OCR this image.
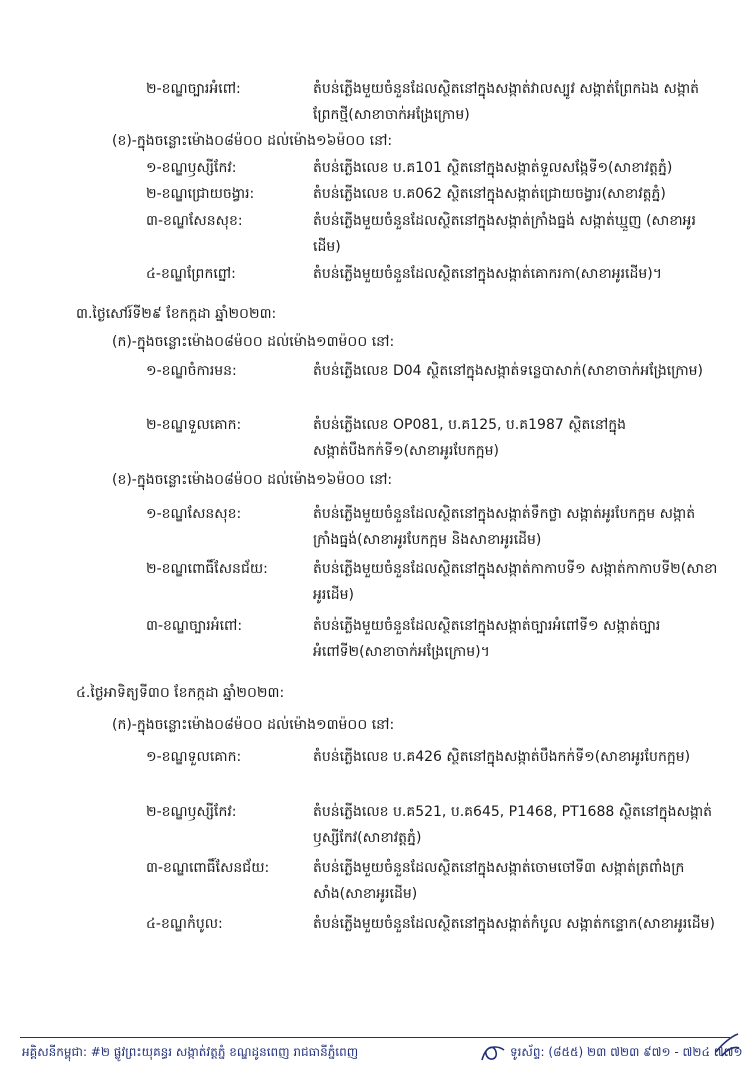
២-ខណ្ឌច្បារអំពៅ:	តំបន់ភ្លើងមួយចំនួនដែលស្ថិតនៅក្នុងសង្កាត់វាលស្បូវ សង្កាត់ព្រែកឯង សង្កាត់ព្រែកថ្មី(សាខាចាក់អង្រែក្រោម)
(ខ)-ក្នុងចន្លោះម៉ោង០៨ម៉០០ ដល់ម៉ោង១៦ម៉០០ នៅ:
១-ខណ្ឌឫស្សីកែវ:	តំបន់ភ្លើងលេខ ប.គ101 ស្ថិតនៅក្នុងសង្កាត់ទួលសង្កែទី១(សាខាវត្តភ្នំ)
២-ខណ្ឌជ្រោយចង្វារ:	តំបន់ភ្លើងលេខ ប.គ062 ស្ថិតនៅក្នុងសង្កាត់ជ្រោយចង្វារ(សាខាវត្តភ្នំ)
៣-ខណ្ឌសែនសុខ:	តំបន់ភ្លើងមួយចំនួនដែលស្ថិតនៅក្នុងសង្កាត់ក្រាំងធ្នង់ សង្កាត់ឃ្មួញ (សាខាអូរដើម)
៤-ខណ្ឌព្រែកព្នៅ:	តំបន់ភ្លើងមួយចំនួនដែលស្ថិតនៅក្នុងសង្កាត់គោករកា(សាខាអូរដើម)។
៣.ថ្ងៃសៅរ៍ទី២៩ ខែកក្កដា ឆ្នាំ២០២៣:
(ក)-ក្នុងចន្លោះម៉ោង០៨ម៉០០ ដល់ម៉ោង១៣ម៉០០ នៅ:
១-ខណ្ឌចំការមន:	តំបន់ភ្លើងលេខ D04 ស្ថិតនៅក្នុងសង្កាត់ទន្លេបាសាក់(សាខាចាក់អង្រែក្រោម)
២-ខណ្ឌទួលគោក:	តំបន់ភ្លើងលេខ OP081, ប.គ125, ប.គ1987 ស្ថិតនៅក្នុងសង្កាត់បឹងកក់ទី១(សាខាអូរបែកក្អម)
(ខ)-ក្នុងចន្លោះម៉ោង០៨ម៉០០ ដល់ម៉ោង១៦ម៉០០ នៅ:
១-ខណ្ឌសែនសុខ:	តំបន់ភ្លើងមួយចំនួនដែលស្ថិតនៅក្នុងសង្កាត់ទឹកថ្លា សង្កាត់អូរបែកក្អម សង្កាត់ក្រាំងធ្នង់(សាខាអូរបែកក្អម និងសាខាអូរដើម)
២-ខណ្ឌពោធិ៍សែនជ័យ:	តំបន់ភ្លើងមួយចំនួនដែលស្ថិតនៅក្នុងសង្កាត់កាកាបទី១ សង្កាត់កាកាបទី២(សាខាអូរដើម)
៣-ខណ្ឌច្បារអំពៅ:	តំបន់ភ្លើងមួយចំនួនដែលស្ថិតនៅក្នុងសង្កាត់ច្បារអំពៅទី១ សង្កាត់ច្បារអំពៅទី២(សាខាចាក់អង្រែក្រោម)។
៤.ថ្ងៃអាទិត្យទី៣០ ខែកក្កដា ឆ្នាំ២០២៣:
(ក)-ក្នុងចន្លោះម៉ោង០៨ម៉០០ ដល់ម៉ោង១៣ម៉០០ នៅ:
១-ខណ្ឌទួលគោក:	តំបន់ភ្លើងលេខ ប.គ426 ស្ថិតនៅក្នុងសង្កាត់បឹងកក់ទី១(សាខាអូរបែកក្អម)
២-ខណ្ឌឫស្សីកែវ:	តំបន់ភ្លើងលេខ ប.គ521, ប.គ645, P1468, PT1688 ស្ថិតនៅក្នុងសង្កាត់ឫស្សីកែវ(សាខាវត្តភ្នំ)
៣-ខណ្ឌពោធិ៍សែនជ័យ:	តំបន់ភ្លើងមួយចំនួនដែលស្ថិតនៅក្នុងសង្កាត់ចោមចៅទី៣ សង្កាត់ត្រពាំងក្រសាំង(សាខាអូរដើម)
៤-ខណ្ឌកំបូល:	តំបន់ភ្លើងមួយចំនួនដែលស្ថិតនៅក្នុងសង្កាត់កំបូល សង្កាត់កន្ទោក(សាខាអូរដើម)
អគ្គិសនីកម្ពុជា: #២ ផ្លូវព្រះយុគន្ធរ សង្កាត់វត្តភ្នំ ខណ្ឌដូនពេញ រាជធានីភ្នំពេញ	ទូរស័ព្ទ: (៨៥៥) ២៣ ៧២៣ ៩៧១ - ៧២៤ ៧៧១
